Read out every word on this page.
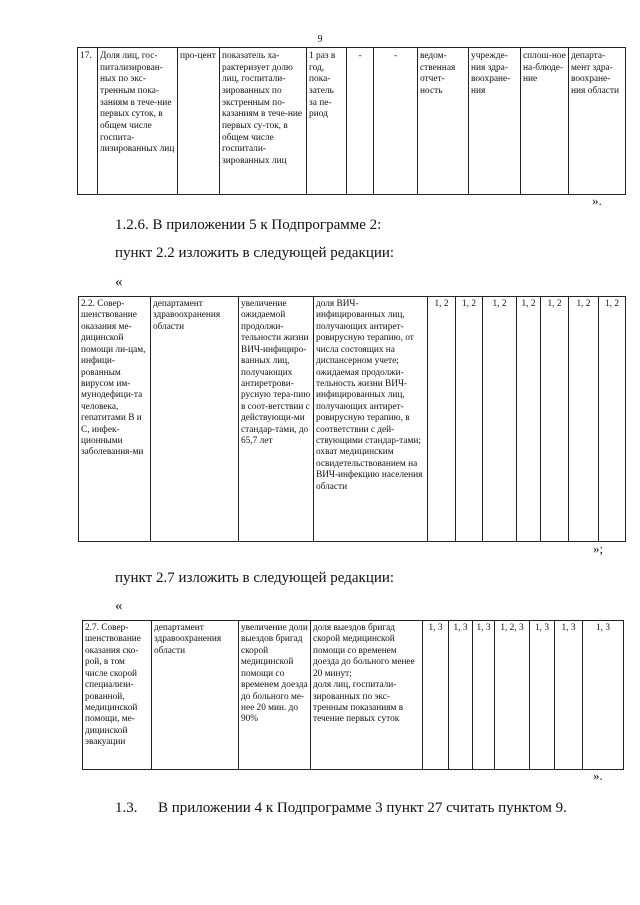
9
17.	Доля лиц, гос-питализирован-ных по экс-тренным пока-заниям в тече-ние первых суток, в общем числе госпита-лизированных лиц	про-цент	показатель ха-рактеризует долю лиц, госпитали-зированных по экстренным по-казаниям в тече-ние первых су-ток, в общем числе госпитали-зированных лиц	1 раз в год, пока-затель за пе-риод	-	-	ведом-ственная отчет-ность	учрежде-ния здра-воохране-ния	сплош-ное на-блюде-ние	департа-мент здра-воохране-ния области
».
1.2.6. В приложении 5 к Подпрограмме 2:
пункт 2.2 изложить в следующей редакции:
«
2.2. Совер-шенствование оказания ме-дицинской помощи ли-цам, инфици-рованным вирусом им-мунодефици-та человека, гепатитами В и С, инфек-ционными заболевания-ми	департамент здравоохранения области	увеличение ожидаемой продолжи-тельности жизни ВИЧ-инфициро-ванных лиц, получающих антиретрови-русную тера-пию в соот-ветствии с действующи-ми стандар-тами, до 65,7 лет	доля ВИЧ-инфицированных лиц, получающих антирет-ровирусную терапию, от числа состоящих на диспансерном учете;
ожидаемая продолжи-тельность жизни ВИЧ-инфицированных лиц, получающих антирет-ровирусную терапию, в соответствии с дей-ствующими стандар-тами;
охват медицинским освидетельствованием на ВИЧ-инфекцию населения области	1, 2	1, 2	1, 2	1, 2	1, 2	1, 2	1, 2
»;
пункт 2.7 изложить в следующей редакции:
«
2.7. Совер-шенствование оказания ско-рой, в том числе скорой специализи-рованной, медицинской помощи, ме-дицинской эвакуации	департамент здравоохранения области	увеличение доли выездов бригад скорой медицинской помощи со временем доезда до больного ме-нее 20 мин. до 90%	доля выездов бригад скорой медицинской помощи со временем доезда до больного менее 20 минут;
доля лиц, госпитали-зированных по экс-тренным показаниям в течение первых суток	1, 3	1, 3	1, 3	1, 2, 3	1, 3	1, 3	1, 3
».
1.3. В приложении 4 к Подпрограмме 3 пункт 27 считать пунктом 9.
